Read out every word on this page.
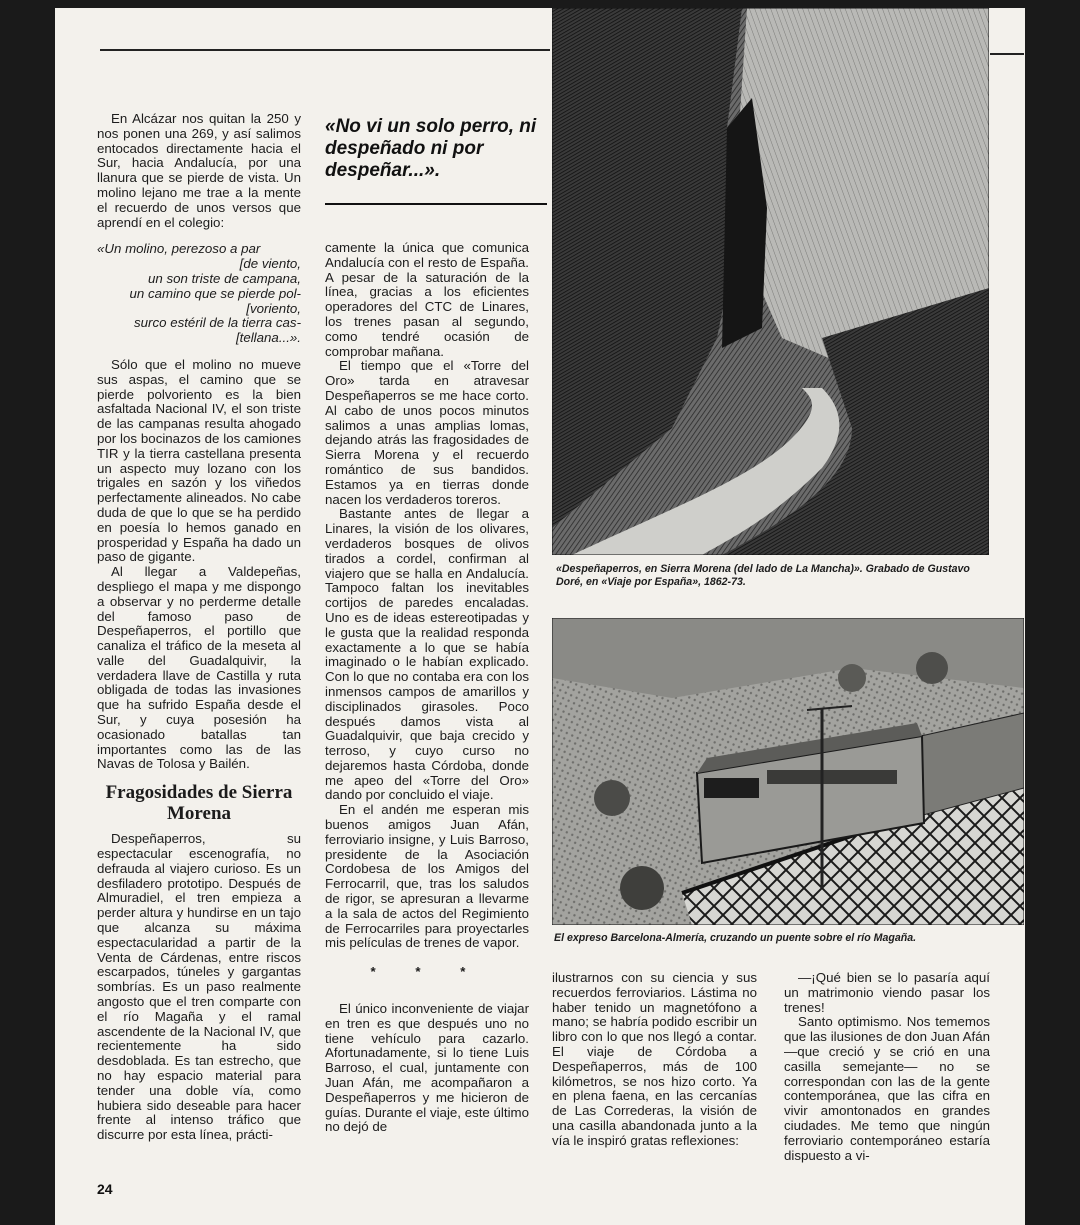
En Alcázar nos quitan la 250 y nos ponen una 269, y así salimos entocados directamente hacia el Sur, hacia Andalucía, por una llanura que se pierde de vista. Un molino lejano me trae a la mente el recuerdo de unos versos que aprendí en el colegio:

«Un molino, perezoso a par
[de viento,
un son triste de campana,
un camino que se pierde pol-
[voriento,
surco estéril de la tierra cas-
[tellana...».

Sólo que el molino no mueve sus aspas, el camino que se pierde polvoriento es la bien asfaltada Nacional IV, el son triste de las campanas resulta ahogado por los bocinazos de los camiones TIR y la tierra castellana presenta un aspecto muy lozano con los trigales en sazón y los viñedos perfectamente alineados. No cabe duda de que lo que se ha perdido en poesía lo hemos ganado en prosperidad y España ha dado un paso de gigante.

Al llegar a Valdepeñas, despliego el mapa y me dispongo a observar y no perderme detalle del famoso paso de Despeñaperros, el portillo que canaliza el tráfico de la meseta al valle del Guadalquivir, la verdadera llave de Castilla y ruta obligada de todas las invasiones que ha sufrido España desde el Sur, y cuya posesión ha ocasionado batallas tan importantes como las de las Navas de Tolosa y Bailén.

Fragosidades de Sierra Morena

Despeñaperros, su espectacular escenografía, no defrauda al viajero curioso. Es un desfiladero prototipo. Después de Almuradiel, el tren empieza a perder altura y hundirse en un tajo que alcanza su máxima espectacularidad a partir de la Venta de Cárdenas, entre riscos escarpados, túneles y gargantas sombrías. Es un paso realmente angosto que el tren comparte con el río Magaña y el ramal ascendente de la Nacional IV, que recientemente ha sido desdoblada. Es tan estrecho, que no hay espacio material para tender una doble vía, como hubiera sido deseable para hacer frente al intenso tráfico que discurre por esta línea, prácti-

«No vi un solo perro, ni despeñado ni por despeñar...».

camente la única que comunica Andalucía con el resto de España. A pesar de la saturación de la línea, gracias a los eficientes operadores del CTC de Linares, los trenes pasan al segundo, como tendré ocasión de comprobar mañana.

El tiempo que el «Torre del Oro» tarda en atravesar Despeñaperros se me hace corto. Al cabo de unos pocos minutos salimos a unas amplias lomas, dejando atrás las fragosidades de Sierra Morena y el recuerdo romántico de sus bandidos. Estamos ya en tierras donde nacen los verdaderos toreros.

Bastante antes de llegar a Linares, la visión de los olivares, verdaderos bosques de olivos tirados a cordel, confirman al viajero que se halla en Andalucía. Tampoco faltan los inevitables cortijos de paredes encaladas. Uno es de ideas estereotipadas y le gusta que la realidad responda exactamente a lo que se había imaginado o le habían explicado. Con lo que no contaba era con los inmensos campos de amarillos y disciplinados girasoles. Poco después damos vista al Guadalquivir, que baja crecido y terroso, y cuyo curso no dejaremos hasta Córdoba, donde me apeo del «Torre del Oro» dando por concluido el viaje.

En el andén me esperan mis buenos amigos Juan Afán, ferroviario insigne, y Luis Barroso, presidente de la Asociación Cordobesa de los Amigos del Ferrocarril, que, tras los saludos de rigor, se apresuran a llevarme a la sala de actos del Regimiento de Ferrocarriles para proyectarles mis películas de trenes de vapor.

* * *

El único inconveniente de viajar en tren es que después uno no tiene vehículo para cazarlo. Afortunadamente, si lo tiene Luis Barroso, el cual, juntamente con Juan Afán, me acompañaron a Despeñaperros y me hicieron de guías. Durante el viaje, este último no dejó de

«Despeñaperros, en Sierra Morena (del lado de La Mancha)». Grabado de Gustavo Doré, en «Viaje por España», 1862-73.
El expreso Barcelona-Almería, cruzando un puente sobre el río Magaña.

ilustrarnos con su ciencia y sus recuerdos ferroviarios. Lástima no haber tenido un magnetófono a mano; se habría podido escribir un libro con lo que nos llegó a contar. El viaje de Córdoba a Despeñaperros, más de 100 kilómetros, se nos hizo corto. Ya en plena faena, en las cercanías de Las Correderas, la visión de una casilla abandonada junto a la vía le inspiró gratas reflexiones:

—¡Qué bien se lo pasaría aquí un matrimonio viendo pasar los trenes!

Santo optimismo. Nos tememos que las ilusiones de don Juan Afán —que creció y se crió en una casilla semejante— no se correspondan con las de la gente contemporánea, que las cifra en vivir amontonados en grandes ciudades. Me temo que ningún ferroviario contemporáneo estaría dispuesto a vi-

24
